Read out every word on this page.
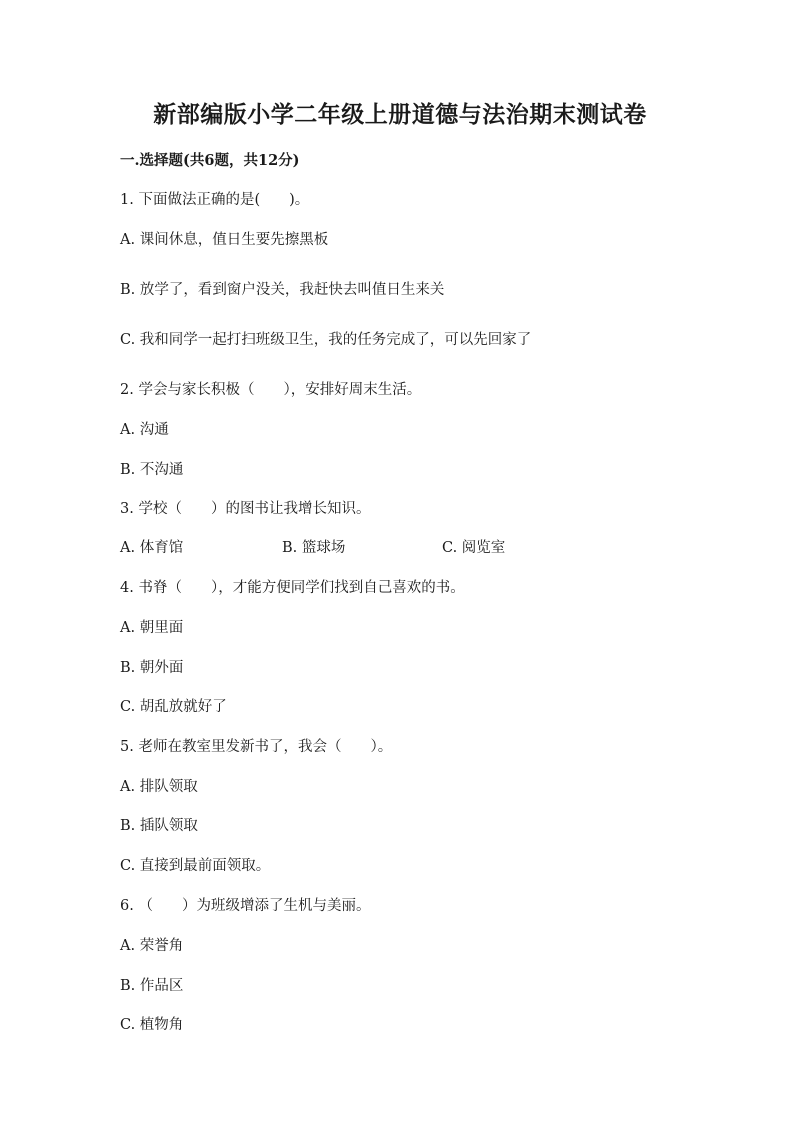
新部编版小学二年级上册道德与法治期末测试卷
一.选择题(共6题，共12分)
1. 下面做法正确的是(　　)。
A. 课间休息，值日生要先擦黑板
B. 放学了，看到窗户没关，我赶快去叫值日生来关
C. 我和同学一起打扫班级卫生，我的任务完成了，可以先回家了
2. 学会与家长积极（　　），安排好周末生活。
A. 沟通
B. 不沟通
3. 学校（　　）的图书让我增长知识。
A. 体育馆	B. 篮球场	C. 阅览室
4. 书脊（　　），才能方便同学们找到自己喜欢的书。
A. 朝里面
B. 朝外面
C. 胡乱放就好了
5. 老师在教室里发新书了，我会（　　）。
A. 排队领取
B. 插队领取
C. 直接到最前面领取。
6. （　　）为班级增添了生机与美丽。
A. 荣誉角
B. 作品区
C. 植物角
